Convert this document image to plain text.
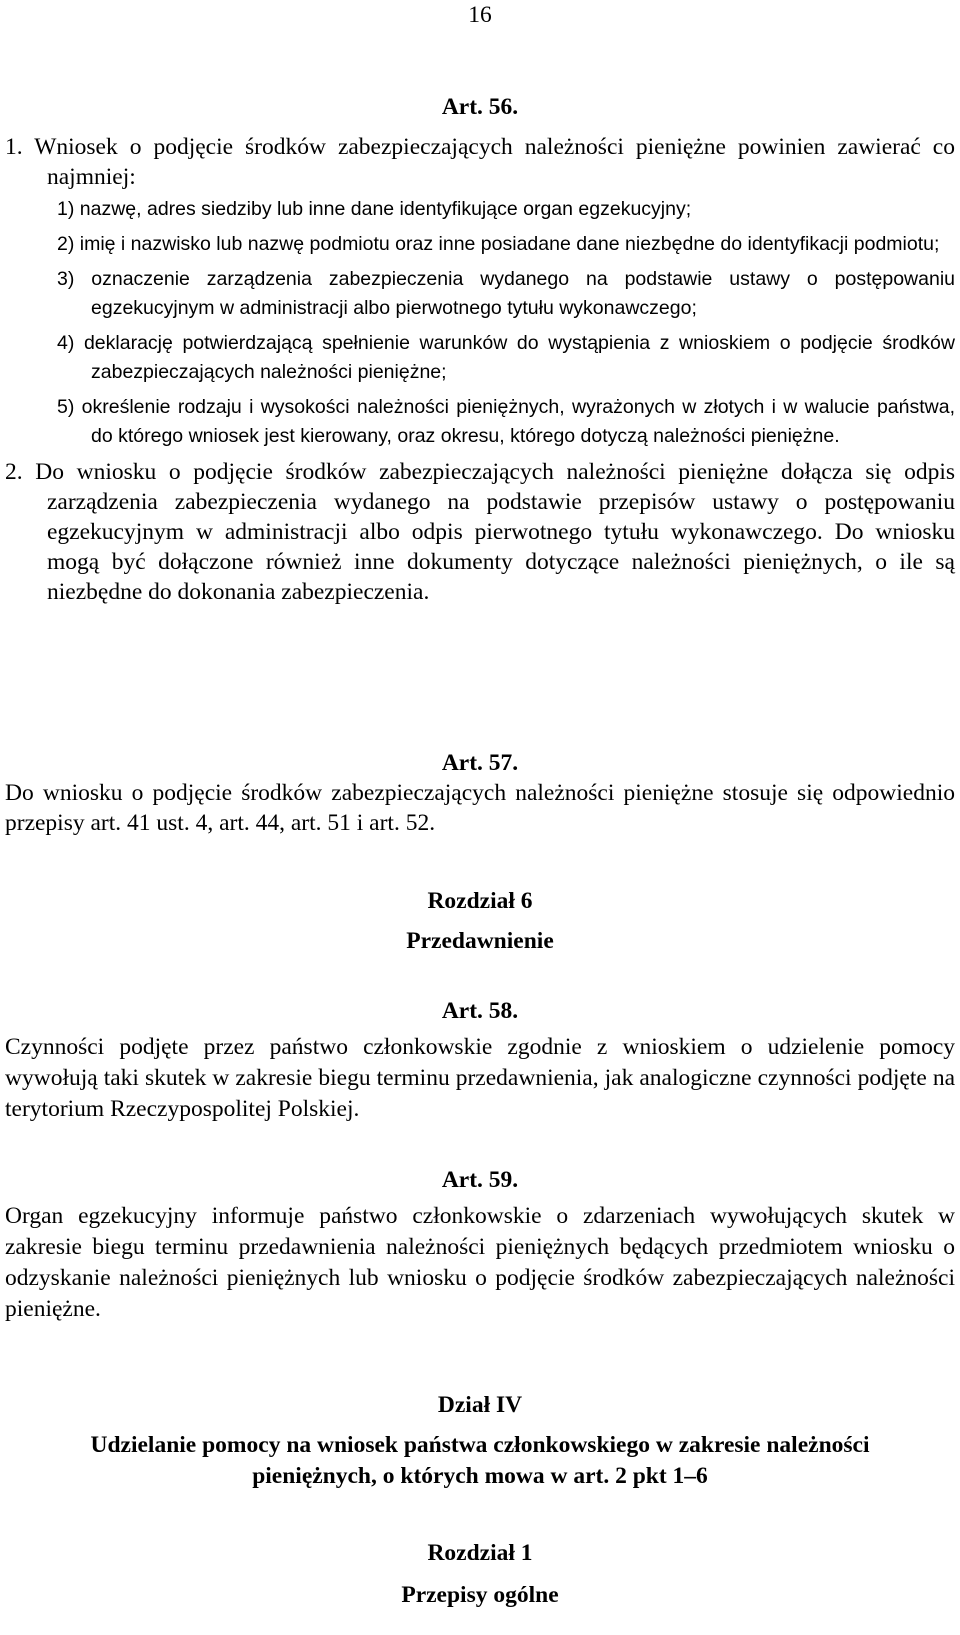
16

Art. 56.

1. Wniosek o podjęcie środków zabezpieczających należności pieniężne powinien zawierać co najmniej:

1) nazwę, adres siedziby lub inne dane identyfikujące organ egzekucyjny;

2) imię i nazwisko lub nazwę podmiotu oraz inne posiadane dane niezbędne do identyfikacji podmiotu;

3) oznaczenie zarządzenia zabezpieczenia wydanego na podstawie ustawy o postępowaniu egzekucyjnym w administracji albo pierwotnego tytułu wykonawczego;

4) deklarację potwierdzającą spełnienie warunków do wystąpienia z wnioskiem o podjęcie środków zabezpieczających należności pieniężne;

5) określenie rodzaju i wysokości należności pieniężnych, wyrażonych w złotych i w walucie państwa, do którego wniosek jest kierowany, oraz okresu, którego dotyczą należności pieniężne.

2. Do wniosku o podjęcie środków zabezpieczających należności pieniężne dołącza się odpis zarządzenia zabezpieczenia wydanego na podstawie przepisów ustawy o postępowaniu egzekucyjnym w administracji albo odpis pierwotnego tytułu wykonawczego. Do wniosku mogą być dołączone również inne dokumenty dotyczące należności pieniężnych, o ile są niezbędne do dokonania zabezpieczenia.

Art. 57.

Do wniosku o podjęcie środków zabezpieczających należności pieniężne stosuje się odpowiednio przepisy art. 41 ust. 4, art. 44, art. 51 i art. 52.

Rozdział 6

Przedawnienie

Art. 58.

Czynności podjęte przez państwo członkowskie zgodnie z wnioskiem o udzielenie pomocy wywołują taki skutek w zakresie biegu terminu przedawnienia, jak analogiczne czynności podjęte na terytorium Rzeczypospolitej Polskiej.

Art. 59.

Organ egzekucyjny informuje państwo członkowskie o zdarzeniach wywołujących skutek w zakresie biegu terminu przedawnienia należności pieniężnych będących przedmiotem wniosku o odzyskanie należności pieniężnych lub wniosku o podjęcie środków zabezpieczających należności pieniężne.

Dział IV

Udzielanie pomocy na wniosek państwa członkowskiego w zakresie należności pieniężnych, o których mowa w art. 2 pkt 1–6

Rozdział 1

Przepisy ogólne
